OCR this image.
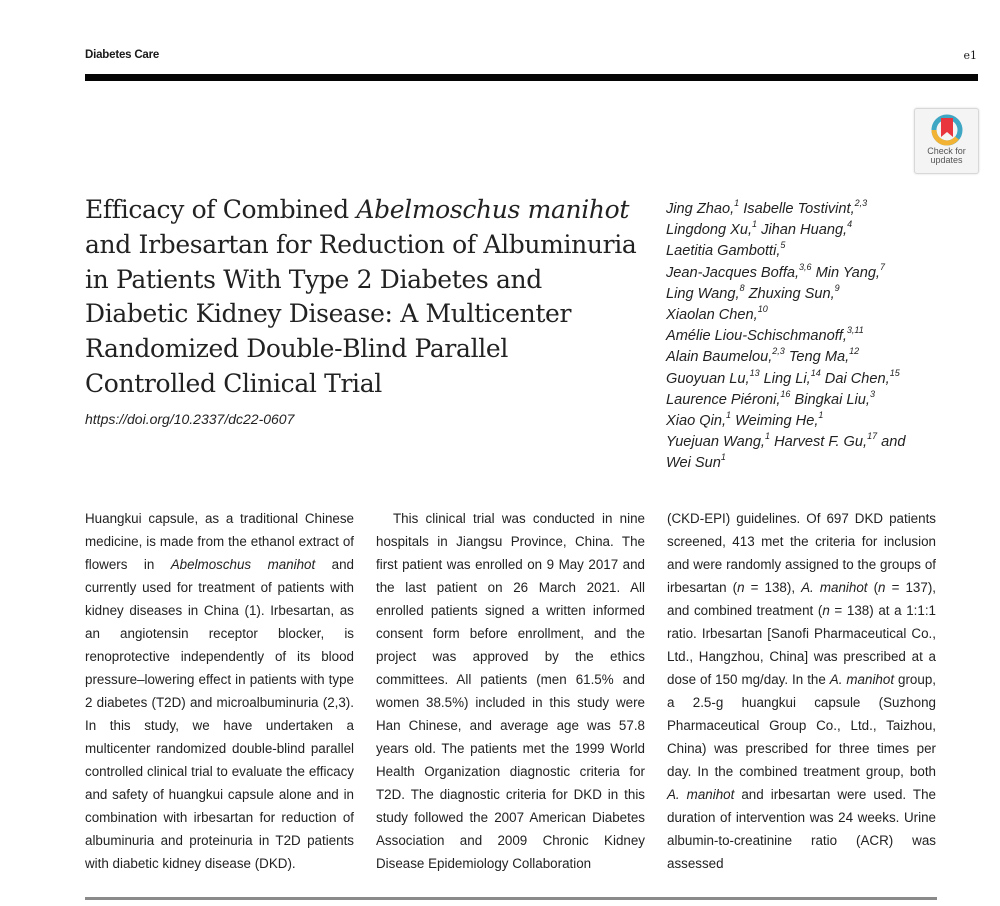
Diabetes Care	e1
Check for
updates
Efficacy of Combined Abelmoschus manihot and Irbesartan for Reduction of Albuminuria in Patients With Type 2 Diabetes and Diabetic Kidney Disease: A Multicenter Randomized Double-Blind Parallel Controlled Clinical Trial
https://doi.org/10.2337/dc22-0607
Jing Zhao,$^1$ Isabelle Tostivint,$^{2,3}$
Lingdong Xu,$^1$ Jihan Huang,$^4$
Laetitia Gambotti,$^5$
Jean-Jacques Boffa,$^{3,6}$ Min Yang,$^7$
Ling Wang,$^8$ Zhuxing Sun,$^9$
Xiaolan Chen,$^{10}$
Amélie Liou-Schischmanoff,$^{3,11}$
Alain Baumelou,$^{2,3}$ Teng Ma,$^{12}$
Guoyuan Lu,$^{13}$ Ling Li,$^{14}$ Dai Chen,$^{15}$
Laurence Piéroni,$^{16}$ Bingkai Liu,$^3$
Xiao Qin,$^1$ Weiming He,$^1$
Yuejuan Wang,$^1$ Harvest F. Gu,$^{17}$ and
Wei Sun$^1$

Huangkui capsule, as a traditional Chinese medicine, is made from the ethanol extract of flowers in Abelmoschus manihot and currently used for treatment of patients with kidney diseases in China (1). Irbesartan, as an angiotensin receptor blocker, is renoprotective independently of its blood pressure–lowering effect in patients with type 2 diabetes (T2D) and microalbuminuria (2,3). In this study, we have undertaken a multicenter randomized double-blind parallel controlled clinical trial to evaluate the efficacy and safety of huangkui capsule alone and in combination with irbesartan for reduction of albuminuria and proteinuria in T2D patients with diabetic kidney disease (DKD).

This clinical trial was conducted in nine hospitals in Jiangsu Province, China. The first patient was enrolled on 9 May 2017 and the last patient on 26 March 2021. All enrolled patients signed a written informed consent form before enrollment, and the project was approved by the ethics committees. All patients (men 61.5% and women 38.5%) included in this study were Han Chinese, and average age was 57.8 years old. The patients met the 1999 World Health Organization diagnostic criteria for T2D. The diagnostic criteria for DKD in this study followed the 2007 American Diabetes Association and 2009 Chronic Kidney Disease Epidemiology Collaboration

(CKD-EPI) guidelines. Of 697 DKD patients screened, 413 met the criteria for inclusion and were randomly assigned to the groups of irbesartan (n = 138), A. manihot (n = 137), and combined treatment (n = 138) at a 1:1:1 ratio. Irbesartan [Sanofi Pharmaceutical Co., Ltd., Hangzhou, China] was prescribed at a dose of 150 mg/day. In the A. manihot group, a 2.5-g huangkui capsule (Suzhong Pharmaceutical Group Co., Ltd., Taizhou, China) was prescribed for three times per day. In the combined treatment group, both A. manihot and irbesartan were used. The duration of intervention was 24 weeks. Urine albumin-to-creatinine ratio (ACR) was assessed
